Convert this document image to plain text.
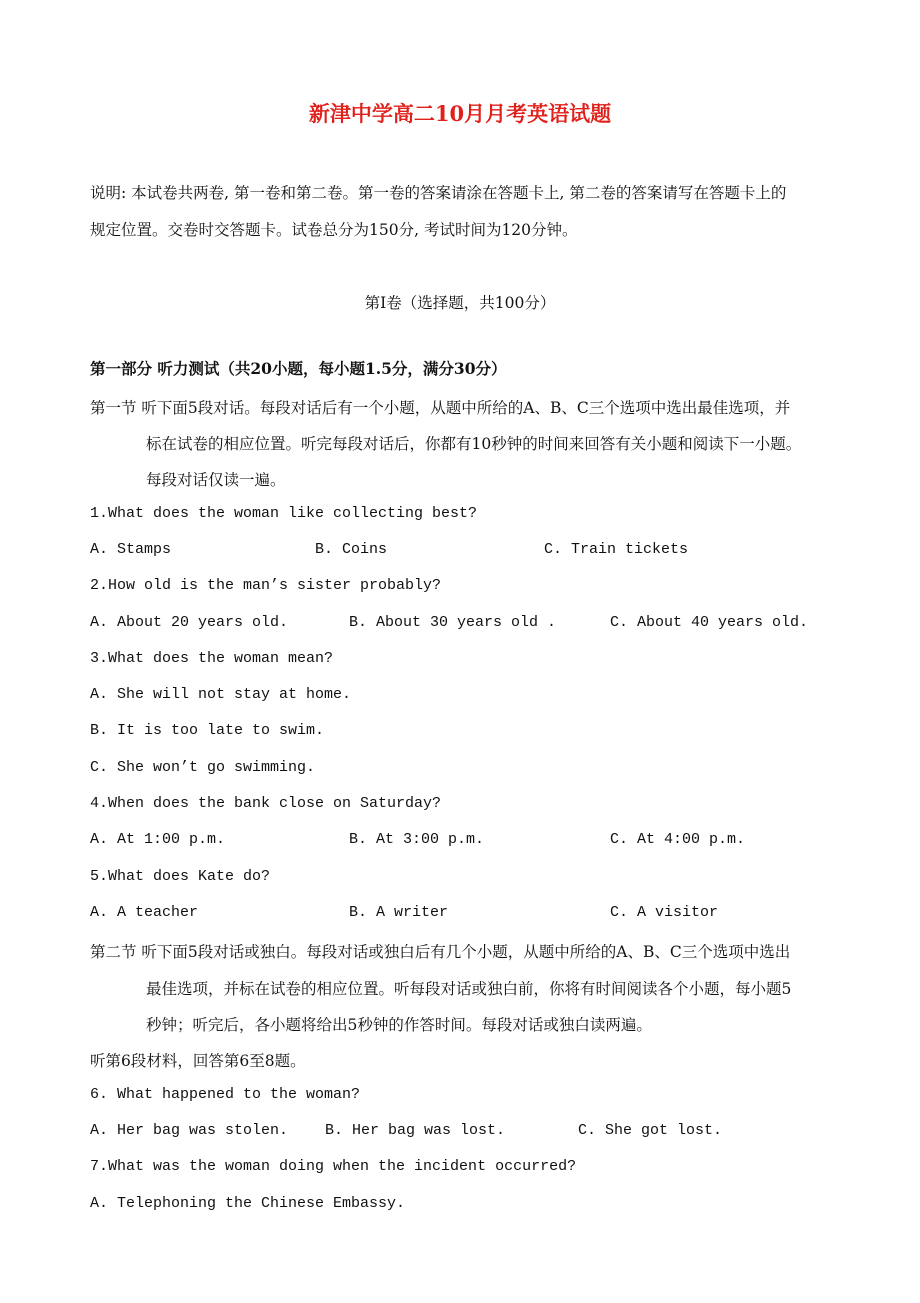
新津中学高二10月月考英语试题
说明: 本试卷共两卷, 第一卷和第二卷。第一卷的答案请涂在答题卡上, 第二卷的答案请写在答题卡上的
规定位置。交卷时交答题卡。试卷总分为150分, 考试时间为120分钟。
第I卷（选择题，共100分）
第一部分 听力测试（共20小题，每小题1.5分，满分30分）
第一节 听下面5段对话。每段对话后有一个小题，从题中所给的A、B、C三个选项中选出最佳选项，并
标在试卷的相应位置。听完每段对话后，你都有10秒钟的时间来回答有关小题和阅读下一小题。
每段对话仅读一遍。
1.What does the woman like collecting best?
A. Stamps	B. Coins	C. Train tickets
2.How old is the man’s sister probably?
A. About 20 years old.	B. About 30 years old .	C. About 40 years old.
3.What does the woman mean?
A. She will not stay at home.
B. It is too late to swim.
C. She won’t go swimming.
4.When does the bank close on Saturday?
A. At 1:00 p.m.	B. At 3:00 p.m.	C. At 4:00 p.m.
5.What does Kate do?
A. A teacher	B. A writer	C. A visitor
第二节 听下面5段对话或独白。每段对话或独白后有几个小题，从题中所给的A、B、C三个选项中选出
最佳选项，并标在试卷的相应位置。听每段对话或独白前，你将有时间阅读各个小题，每小题5
秒钟；听完后，各小题将给出5秒钟的作答时间。每段对话或独白读两遍。
听第6段材料，回答第6至8题。
6. What happened to the woman?
A. Her bag was stolen. B. Her bag was lost.	C. She got lost.
7.What was the woman doing when the incident occurred?
A. Telephoning the Chinese Embassy.
